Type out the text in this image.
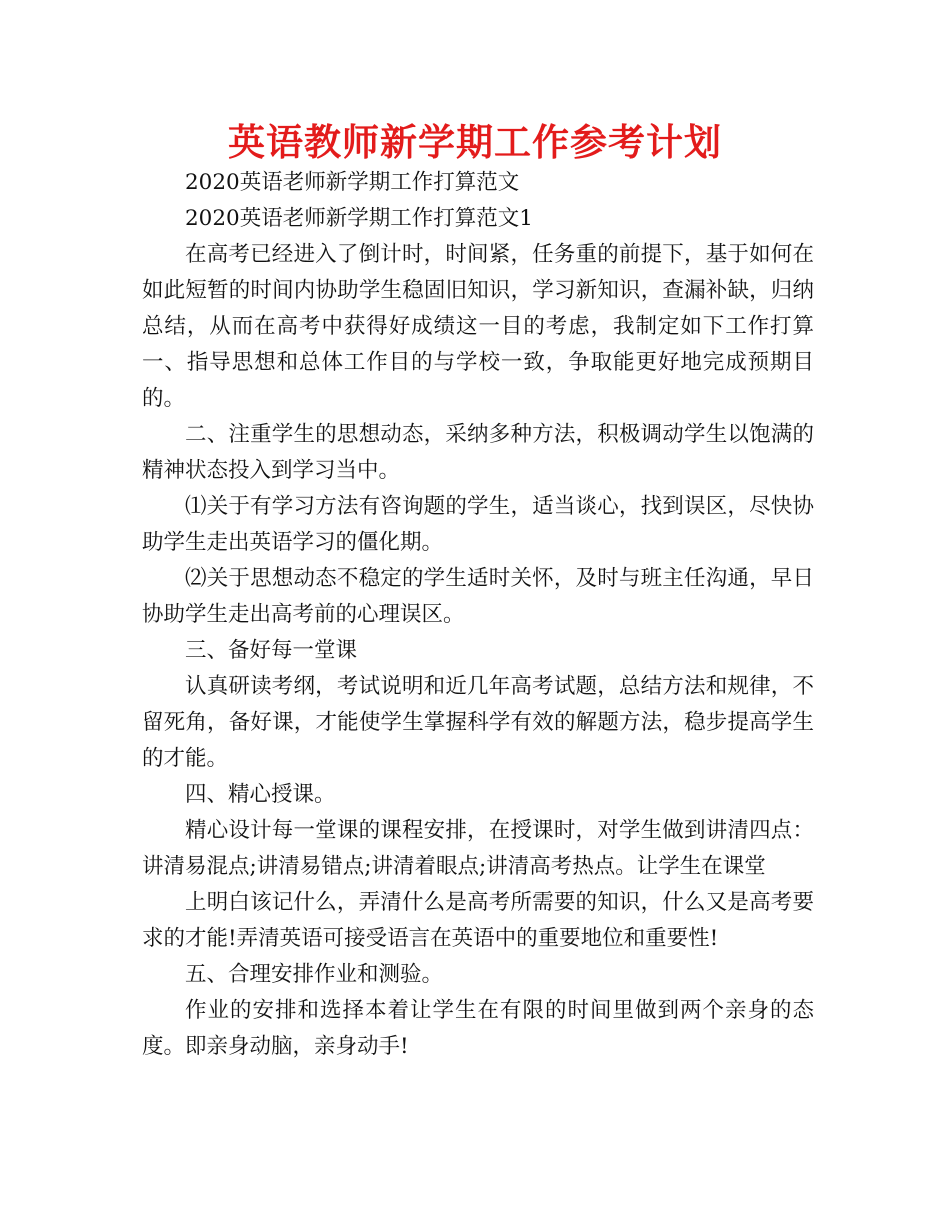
英语教师新学期工作参考计划

2020英语老师新学期工作打算范文

2020英语老师新学期工作打算范文1

在高考已经进入了倒计时，时间紧，任务重的前提下，基于如何在如此短暂的时间内协助学生稳固旧知识，学习新知识，查漏补缺，归纳总结，从而在高考中获得好成绩这一目的考虑，我制定如下工作打算　　一、指导思想和总体工作目的与学校一致，争取能更好地完成预期目的。

二、注重学生的思想动态，采纳多种方法，积极调动学生以饱满的精神状态投入到学习当中。

⑴关于有学习方法有咨询题的学生，适当谈心，找到误区，尽快协助学生走出英语学习的僵化期。

⑵关于思想动态不稳定的学生适时关怀，及时与班主任沟通，早日协助学生走出高考前的心理误区。

三、备好每一堂课

认真研读考纲，考试说明和近几年高考试题，总结方法和规律，不留死角，备好课，才能使学生掌握科学有效的解题方法，稳步提高学生的才能。

四、精心授课。

精心设计每一堂课的课程安排，在授课时，对学生做到讲清四点：讲清易混点;讲清易错点;讲清着眼点;讲清高考热点。让学生在课堂

上明白该记什么，弄清什么是高考所需要的知识，什么又是高考要求的才能!弄清英语可接受语言在英语中的重要地位和重要性!

五、合理安排作业和测验。

作业的安排和选择本着让学生在有限的时间里做到两个亲身的态度。即亲身动脑，亲身动手!
